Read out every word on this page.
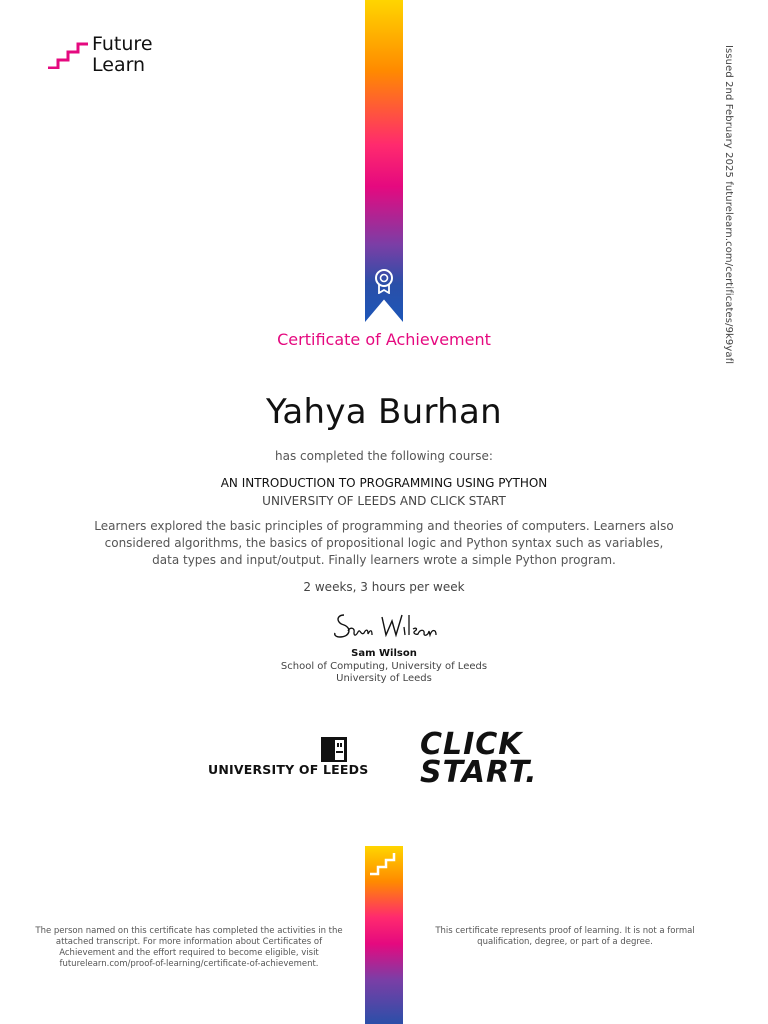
Future
Learn	Issued 2nd February 2025 futurelearn.com/certificates/9k9yafl
Certificate of Achievement
Yahya Burhan
has completed the following course:
AN INTRODUCTION TO PROGRAMMING USING PYTHON
UNIVERSITY OF LEEDS AND CLICK START
Learners explored the basic principles of programming and theories of computers. Learners also considered algorithms, the basics of propositional logic and Python syntax such as variables, data types and input/output. Finally learners wrote a simple Python program.
2 weeks, 3 hours per week
Sam Wilson
School of Computing, University of Leeds
University of Leeds
UNIVERSITY OF LEEDS
CLICK
START.
The person named on this certificate has completed the activities in the attached transcript. For more information about Certificates of Achievement and the effort required to become eligible, visit futurelearn.com/proof-of-learning/certificate-of-achievement.
This certificate represents proof of learning. It is not a formal qualification, degree, or part of a degree.
